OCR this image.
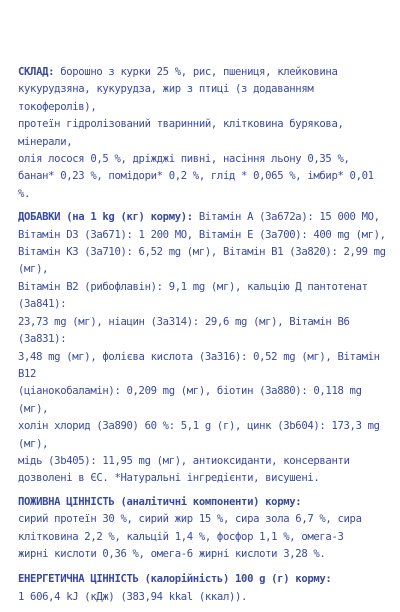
СКЛАД: борошно з курки 25 %, рис, пшениця, клейковина
кукурудзяна, кукурудза, жир з птиці (з додаванням токоферолів),
протеїн гідролізований тваринний, клітковина бурякова, мінерали,
олія лосося 0,5 %, дріжджі пивні, насіння льону 0,35 %,
банан* 0,23 %, помідори* 0,2 %, глід * 0,065 %, імбир* 0,01 %.

ДОБАВКИ (на 1 kg (кг) корму): Вітамін А (3а672а): 15 000 МО,
Вітамін D3 (3а671): 1 200 МО, Вітамін Е (3а700): 400 mg (мг),
Вітамін К3 (3а710): 6,52 mg (мг), Вітамін В1 (3а820): 2,99 mg (мг),
Вітамін В2 (рибофлавін): 9,1 mg (мг), кальцію Д пантотенат (3а841):
23,73 mg (мг), ніацин (3а314): 29,6 mg (мг), Вітамін В6 (3а831):
3,48 mg (мг), фолієва кислота (3а316): 0,52 mg (мг), Вітамін В12
(ціанокобаламін): 0,209 mg (мг), біотин (3а880): 0,118 mg (мг),
холін хлорид (3а890) 60 %: 5,1 g (г), цинк (3b604): 173,3 mg (мг),
мідь (3b405): 11,95 mg (мг), антиоксиданти, консерванти
дозволені в ЄС. *Натуральні інгредієнти, висушені.

ПОЖИВНА ЦІННІСТЬ (аналітичні компоненти) корму:
сирий протеїн 30 %, сирий жир 15 %, сира зола 6,7 %, сира
клітковина 2,2 %, кальцій 1,4 %, фосфор 1,1 %, омега-3
жирні кислоти 0,36 %, омега-6 жирні кислоти 3,28 %.

ЕНЕРГЕТИЧНА ЦІННІСТЬ (калорійність) 100 g (г) корму:
1 606,4 kJ (кДж) (383,94 kkal (ккал)).
